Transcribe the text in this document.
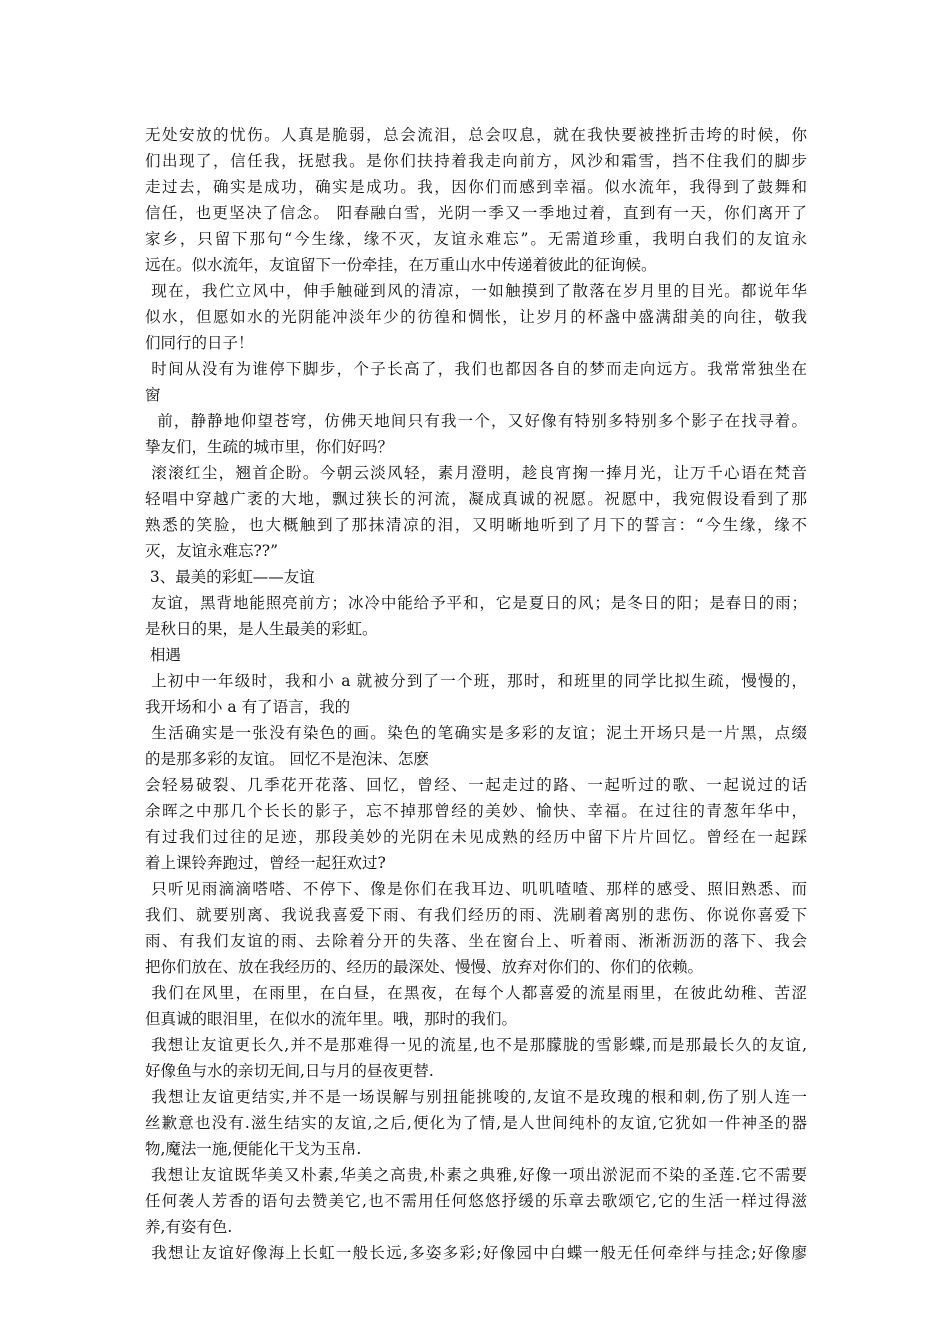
无处安放的忧伤。人真是脆弱，总会流泪，总会叹息，就在我快要被挫折击垮的时候，你
们出现了，信任我，抚慰我。是你们扶持着我走向前方，风沙和霜雪，挡不住我们的脚步
走过去，确实是成功，确实是成功。我，因你们而感到幸福。似水流年，我得到了鼓舞和
信任，也更坚决了信念。 阳春融白雪，光阴一季又一季地过着，直到有一天，你们离开了
家乡，只留下那句“今生缘，缘不灭，友谊永难忘”。无需道珍重，我明白我们的友谊永
远在。似水流年，友谊留下一份牵挂，在万重山水中传递着彼此的征询候。
现在，我伫立风中，伸手触碰到风的清凉，一如触摸到了散落在岁月里的目光。都说年华
似水，但愿如水的光阴能冲淡年少的彷徨和惆怅，让岁月的杯盏中盛满甜美的向往，敬我
们同行的日子！
时间从没有为谁停下脚步，个子长高了，我们也都因各自的梦而走向远方。我常常独坐在
窗
前，静静地仰望苍穹，仿佛天地间只有我一个，又好像有特别多特别多个影子在找寻着。
挚友们，生疏的城市里，你们好吗？
滚滚红尘，翘首企盼。今朝云淡风轻，素月澄明，趁良宵掬一捧月光，让万千心语在梵音
轻唱中穿越广袤的大地，飘过狭长的河流，凝成真诚的祝愿。祝愿中，我宛假设看到了那
熟悉的笑脸，也大概触到了那抹清凉的泪，又明晰地听到了月下的誓言：“今生缘，缘不
灭，友谊永难忘??”
3、最美的彩虹——友谊
友谊，黑背地能照亮前方；冰冷中能给予平和，它是夏日的风；是冬日的阳；是春日的雨；
是秋日的果，是人生最美的彩虹。
相遇
上初中一年级时，我和小 a 就被分到了一个班，那时，和班里的同学比拟生疏，慢慢的，
我开场和小 a 有了语言，我的
生活确实是一张没有染色的画。染色的笔确实是多彩的友谊；泥土开场只是一片黑，点缀
的是那多彩的友谊。 回忆不是泡沫、怎麽
会轻易破裂、几季花开花落、回忆，曾经、一起走过的路、一起听过的歌、一起说过的话
余晖之中那几个长长的影子，忘不掉那曾经的美妙、愉快、幸福。在过往的青葱年华中，
有过我们过往的足迹，那段美妙的光阴在未见成熟的经历中留下片片回忆。曾经在一起踩
着上课铃奔跑过，曾经一起狂欢过?
只听见雨滴滴嗒嗒、不停下、像是你们在我耳边、叽叽喳喳、那样的感受、照旧熟悉、而
我们、就要别离、我说我喜爱下雨、有我们经历的雨、洗刷着离别的悲伤、你说你喜爱下
雨、有我们友谊的雨、去除着分开的失落、坐在窗台上、听着雨、淅淅沥沥的落下、我会
把你们放在、放在我经历的、经历的最深处、慢慢、放弃对你们的、你们的依赖。
我们在风里，在雨里，在白昼，在黑夜，在每个人都喜爱的流星雨里，在彼此幼稚、苦涩
但真诚的眼泪里，在似水的流年里。哦，那时的我们。
我想让友谊更长久,并不是那难得一见的流星,也不是那朦胧的雪影蝶,而是那最长久的友谊,
好像鱼与水的亲切无间,日与月的昼夜更替.
我想让友谊更结实,并不是一场误解与别扭能挑唆的,友谊不是玫瑰的根和刺,伤了别人连一
丝歉意也没有.滋生结实的友谊,之后,便化为了情,是人世间纯朴的友谊,它犹如一件神圣的器
物,魔法一施,便能化干戈为玉帛.
我想让友谊既华美又朴素,华美之高贵,朴素之典雅,好像一项出淤泥而不染的圣莲.它不需要
任何袭人芳香的语句去赞美它,也不需用任何悠悠抒缓的乐章去歌颂它,它的生活一样过得滋
养,有姿有色.
我想让友谊好像海上长虹一般长远,多姿多彩;好像园中白蝶一般无任何牵绊与挂念;好像廖
